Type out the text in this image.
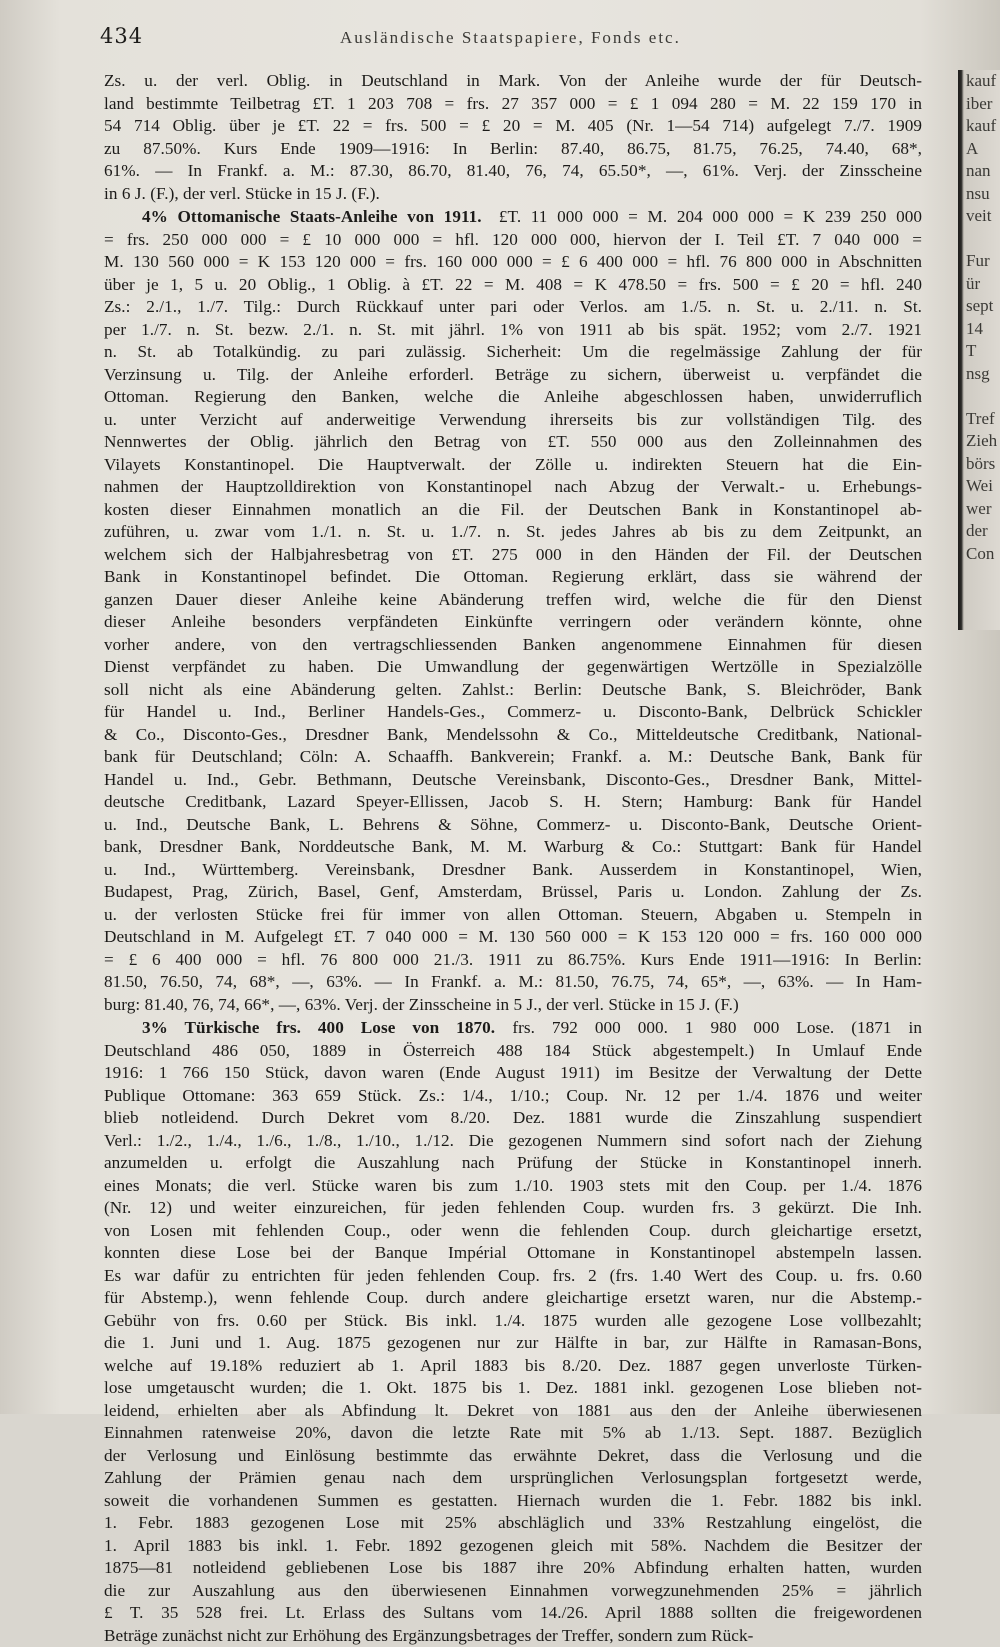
434	Ausländische Staatspapiere, Fonds etc.
Zs. u. der verl. Oblig. in Deutschland in Mark. Von der Anleihe wurde der für Deutsch-
land bestimmte Teilbetrag £T. 1 203 708 = frs. 27 357 000 = £ 1 094 280 = M. 22 159 170 in
54 714 Oblig. über je £T. 22 = frs. 500 = £ 20 = M. 405 (Nr. 1—54 714) aufgelegt 7./7. 1909
zu 87.50%. Kurs Ende 1909—1916: In Berlin: 87.40, 86.75, 81.75, 76.25, 74.40, 68*,
61%. — In Frankf. a. M.: 87.30, 86.70, 81.40, 76, 74, 65.50*, —, 61%. Verj. der Zinsscheine
in 6 J. (F.), der verl. Stücke in 15 J. (F.).
4% Ottomanische Staats-Anleihe von 1911.  £T. 11 000 000 = M. 204 000 000 = K 239 250 000
= frs. 250 000 000 = £ 10 000 000 = hfl. 120 000 000, hiervon der I. Teil £T. 7 040 000 =
M. 130 560 000 = K 153 120 000 = frs. 160 000 000 = £ 6 400 000 = hfl. 76 800 000 in Abschnitten
über je 1, 5 u. 20 Oblig., 1 Oblig. à £T. 22 = M. 408 = K 478.50 = frs. 500 = £ 20 = hfl. 240
Zs.: 2./1., 1./7. Tilg.: Durch Rückkauf unter pari oder Verlos. am 1./5. n. St. u. 2./11. n. St.
per 1./7. n. St. bezw. 2./1. n. St. mit jährl. 1% von 1911 ab bis spät. 1952; vom 2./7. 1921
n. St. ab Totalkündig. zu pari zulässig. Sicherheit: Um die regelmässige Zahlung der für
Verzinsung u. Tilg. der Anleihe erforderl. Beträge zu sichern, überweist u. verpfändet die
Ottoman. Regierung den Banken, welche die Anleihe abgeschlossen haben, unwiderruflich
u. unter Verzicht auf anderweitige Verwendung ihrerseits bis zur vollständigen Tilg. des
Nennwertes der Oblig. jährlich den Betrag von £T. 550 000 aus den Zolleinnahmen des
Vilayets Konstantinopel. Die Hauptverwalt. der Zölle u. indirekten Steuern hat die Ein-
nahmen der Hauptzolldirektion von Konstantinopel nach Abzug der Verwalt.- u. Erhebungs-
kosten dieser Einnahmen monatlich an die Fil. der Deutschen Bank in Konstantinopel ab-
zuführen, u. zwar vom 1./1. n. St. u. 1./7. n. St. jedes Jahres ab bis zu dem Zeitpunkt, an
welchem sich der Halbjahresbetrag von £T. 275 000 in den Händen der Fil. der Deutschen
Bank in Konstantinopel befindet. Die Ottoman. Regierung erklärt, dass sie während der
ganzen Dauer dieser Anleihe keine Abänderung treffen wird, welche die für den Dienst
dieser Anleihe besonders verpfändeten Einkünfte verringern oder verändern könnte, ohne
vorher andere, von den vertragschliessenden Banken angenommene Einnahmen für diesen
Dienst verpfändet zu haben. Die Umwandlung der gegenwärtigen Wertzölle in Spezialzölle
soll nicht als eine Abänderung gelten. Zahlst.: Berlin: Deutsche Bank, S. Bleichröder, Bank
für Handel u. Ind., Berliner Handels-Ges., Commerz- u. Disconto-Bank, Delbrück Schickler
& Co., Disconto-Ges., Dresdner Bank, Mendelssohn & Co., Mitteldeutsche Creditbank, National-
bank für Deutschland; Cöln: A. Schaaffh. Bankverein; Frankf. a. M.: Deutsche Bank, Bank für
Handel u. Ind., Gebr. Bethmann, Deutsche Vereinsbank, Disconto-Ges., Dresdner Bank, Mittel-
deutsche Creditbank, Lazard Speyer-Ellissen, Jacob S. H. Stern; Hamburg: Bank für Handel
u. Ind., Deutsche Bank, L. Behrens & Söhne, Commerz- u. Disconto-Bank, Deutsche Orient-
bank, Dresdner Bank, Norddeutsche Bank, M. M. Warburg & Co.: Stuttgart: Bank für Handel
u. Ind., Württemberg. Vereinsbank, Dresdner Bank. Ausserdem in Konstantinopel, Wien,
Budapest, Prag, Zürich, Basel, Genf, Amsterdam, Brüssel, Paris u. London. Zahlung der Zs.
u. der verlosten Stücke frei für immer von allen Ottoman. Steuern, Abgaben u. Stempeln in
Deutschland in M. Aufgelegt £T. 7 040 000 = M. 130 560 000 = K 153 120 000 = frs. 160 000 000
= £ 6 400 000 = hfl. 76 800 000 21./3. 1911 zu 86.75%. Kurs Ende 1911—1916: In Berlin:
81.50, 76.50, 74, 68*, —, 63%. — In Frankf. a. M.: 81.50, 76.75, 74, 65*, —, 63%. — In Ham-
burg: 81.40, 76, 74, 66*, —, 63%. Verj. der Zinsscheine in 5 J., der verl. Stücke in 15 J. (F.)
3% Türkische frs. 400 Lose von 1870.  frs. 792 000 000. 1 980 000 Lose. (1871 in
Deutschland 486 050, 1889 in Österreich 488 184 Stück abgestempelt.) In Umlauf Ende
1916: 1 766 150 Stück, davon waren (Ende August 1911) im Besitze der Verwaltung der Dette
Publique Ottomane: 363 659 Stück. Zs.: 1/4., 1/10.; Coup. Nr. 12 per 1./4. 1876 und weiter
blieb notleidend. Durch Dekret vom 8./20. Dez. 1881 wurde die Zinszahlung suspendiert
Verl.: 1./2., 1./4., 1./6., 1./8., 1./10., 1./12. Die gezogenen Nummern sind sofort nach der Ziehung
anzumelden u. erfolgt die Auszahlung nach Prüfung der Stücke in Konstantinopel innerh.
eines Monats; die verl. Stücke waren bis zum 1./10. 1903 stets mit den Coup. per 1./4. 1876
(Nr. 12) und weiter einzureichen, für jeden fehlenden Coup. wurden frs. 3 gekürzt. Die Inh.
von Losen mit fehlenden Coup., oder wenn die fehlenden Coup. durch gleichartige ersetzt,
konnten diese Lose bei der Banque Impérial Ottomane in Konstantinopel abstempeln lassen.
Es war dafür zu entrichten für jeden fehlenden Coup. frs. 2 (frs. 1.40 Wert des Coup. u. frs. 0.60
für Abstemp.), wenn fehlende Coup. durch andere gleichartige ersetzt waren, nur die Abstemp.-
Gebühr von frs. 0.60 per Stück. Bis inkl. 1./4. 1875 wurden alle gezogene Lose vollbezahlt;
die 1. Juni und 1. Aug. 1875 gezogenen nur zur Hälfte in bar, zur Hälfte in Ramasan-Bons,
welche auf 19.18% reduziert ab 1. April 1883 bis 8./20. Dez. 1887 gegen unverloste Türken-
lose umgetauscht wurden; die 1. Okt. 1875 bis 1. Dez. 1881 inkl. gezogenen Lose blieben not-
leidend, erhielten aber als Abfindung lt. Dekret von 1881 aus den der Anleihe überwiesenen
Einnahmen ratenweise 20%, davon die letzte Rate mit 5% ab 1./13. Sept. 1887. Bezüglich
der Verlosung und Einlösung bestimmte das erwähnte Dekret, dass die Verlosung und die
Zahlung der Prämien genau nach dem ursprünglichen Verlosungsplan fortgesetzt werde,
soweit die vorhandenen Summen es gestatten. Hiernach wurden die 1. Febr. 1882 bis inkl.
1. Febr. 1883 gezogenen Lose mit 25% abschläglich und 33% Restzahlung eingelöst, die
1. April 1883 bis inkl. 1. Febr. 1892 gezogenen gleich mit 58%. Nachdem die Besitzer der
1875—81 notleidend gebliebenen Lose bis 1887 ihre 20% Abfindung erhalten hatten, wurden
die zur Auszahlung aus den überwiesenen Einnahmen vorwegzunehmenden 25% = jährlich
£ T. 35 528 frei. Lt. Erlass des Sultans vom 14./26. April 1888 sollten die freigewordenen
Beträge zunächst nicht zur Erhöhung des Ergänzungsbetrages der Treffer, sondern zum Rück-
kauf
iber
kauf
A
nan
nsu
veit

Fur
ür
sept
14
T
nsg

Tref
Zieh
börs
Wei
wer
der
Con
